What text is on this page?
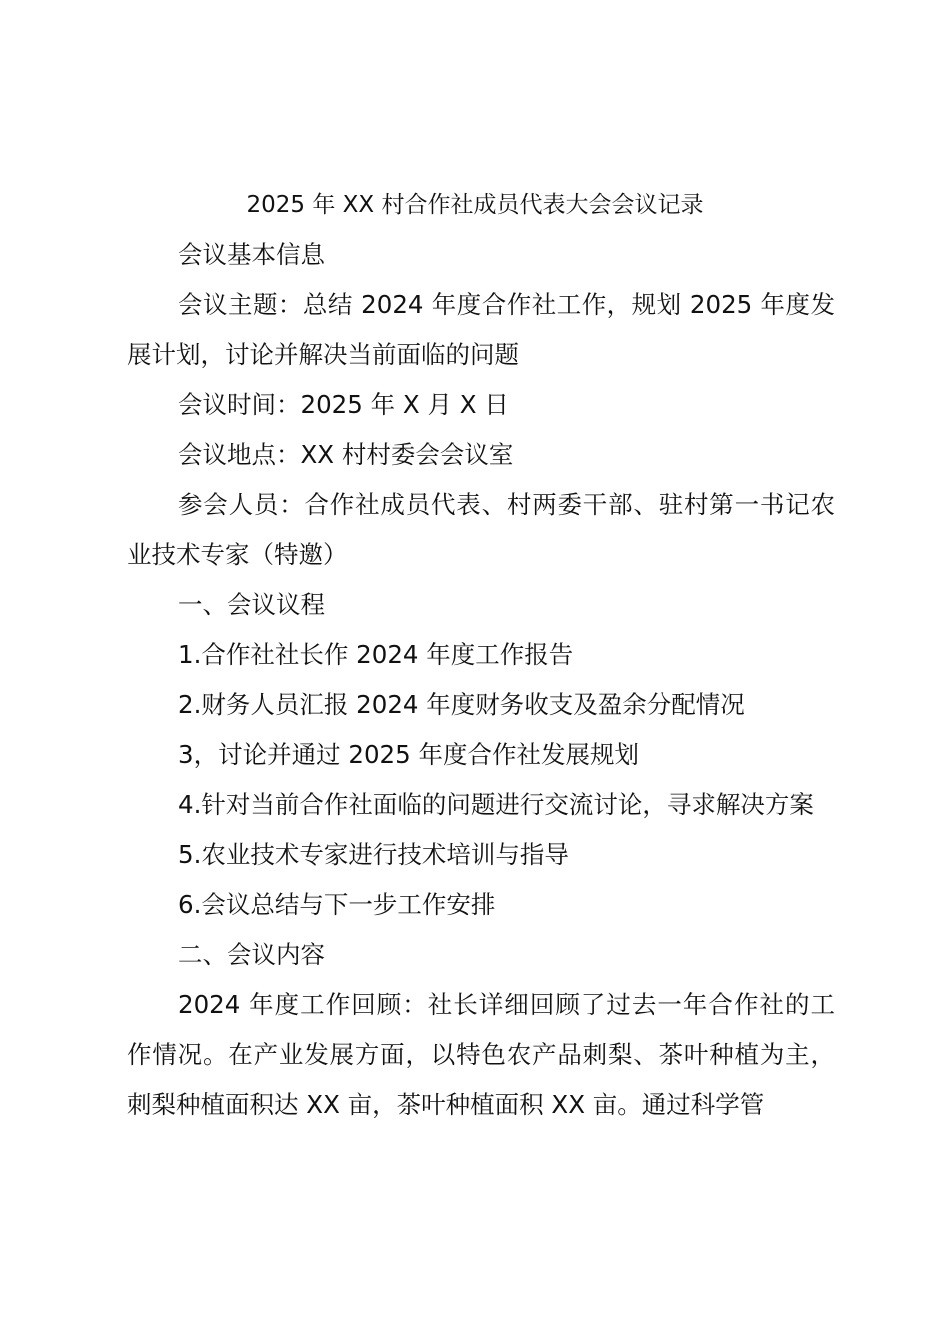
2025 年 XX 村合作社成员代表大会会议记录

会议基本信息

会议主题：总结 2024 年度合作社工作，规划 2025 年度发展计划，讨论并解决当前面临的问题

会议时间：2025 年 X 月 X 日

会议地点：XX 村村委会会议室

参会人员：合作社成员代表、村两委干部、驻村第一书记农业技术专家（特邀）

一、会议议程

1.合作社社长作 2024 年度工作报告

2.财务人员汇报 2024 年度财务收支及盈余分配情况

3，讨论并通过 2025 年度合作社发展规划

4.针对当前合作社面临的问题进行交流讨论，寻求解决方案

5.农业技术专家进行技术培训与指导

6.会议总结与下一步工作安排

二、会议内容

2024 年度工作回顾：社长详细回顾了过去一年合作社的工作情况。在产业发展方面，以特色农产品刺梨、茶叶种植为主，刺梨种植面积达 XX 亩，茶叶种植面积 XX 亩。通过科学管
